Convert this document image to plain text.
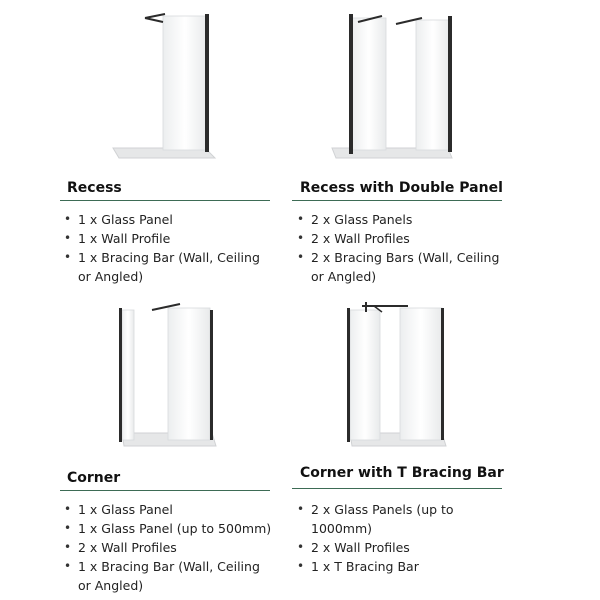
Recess
• 1 x Glass Panel
• 1 x Wall Profile
• 1 x Bracing Bar (Wall, Ceiling or Angled)
Recess with Double Panel
• 2 x Glass Panels
• 2 x Wall Profiles
• 2 x Bracing Bars (Wall, Ceiling or Angled)
Corner
• 1 x Glass Panel
• 1 x Glass Panel (up to 500mm)
• 2 x Wall Profiles
• 1 x Bracing Bar (Wall, Ceiling or Angled)
Corner with T Bracing Bar
• 2 x Glass Panels (up to 1000mm)
• 2 x Wall Profiles
• 1 x T Bracing Bar
